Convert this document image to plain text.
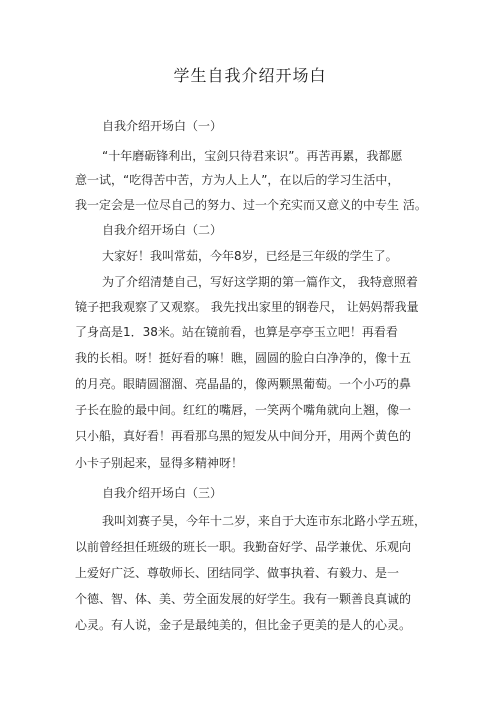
学生自我介绍开场白
自我介绍开场白（一）
“十年磨砺锋利出，宝剑只待君来识”。再苦再累，我都愿
意一试，“吃得苦中苦，方为人上人”，在以后的学习生活中，
我一定会是一位尽自己的努力、过一个充实而又意义的中专生 活。
自我介绍开场白（二）
大家好！我叫常茹，今年8岁，已经是三年级的学生了。
为了介绍清楚自己，写好这学期的第一篇作文， 我特意照着
镜子把我观察了又观察。 我先找出家里的钢卷尺， 让妈妈帮我量
了身高是1．38米。站在镜前看，也算是亭亭玉立吧！再看看
我的长相。呀！挺好看的嘛！瞧，圆圆的脸白白净净的，像十五
的月亮。眼睛圆溜溜、亮晶晶的，像两颗黑葡萄。一个小巧的鼻
子长在脸的最中间。红红的嘴唇，一笑两个嘴角就向上翘，像一
只小船，真好看！再看那乌黑的短发从中间分开，用两个黄色的
小卡子别起来，显得多精神呀！
自我介绍开场白（三）
我叫刘赛子昊，今年十二岁，来自于大连市东北路小学五班，
以前曾经担任班级的班长一职。我勤奋好学、品学兼优、乐观向
上爱好广泛、尊敬师长、团结同学、做事执着、有毅力、是一
个德、智、体、美、劳全面发展的好学生。我有一颗善良真诚的
心灵。有人说，金子是最纯美的，但比金子更美的是人的心灵。
